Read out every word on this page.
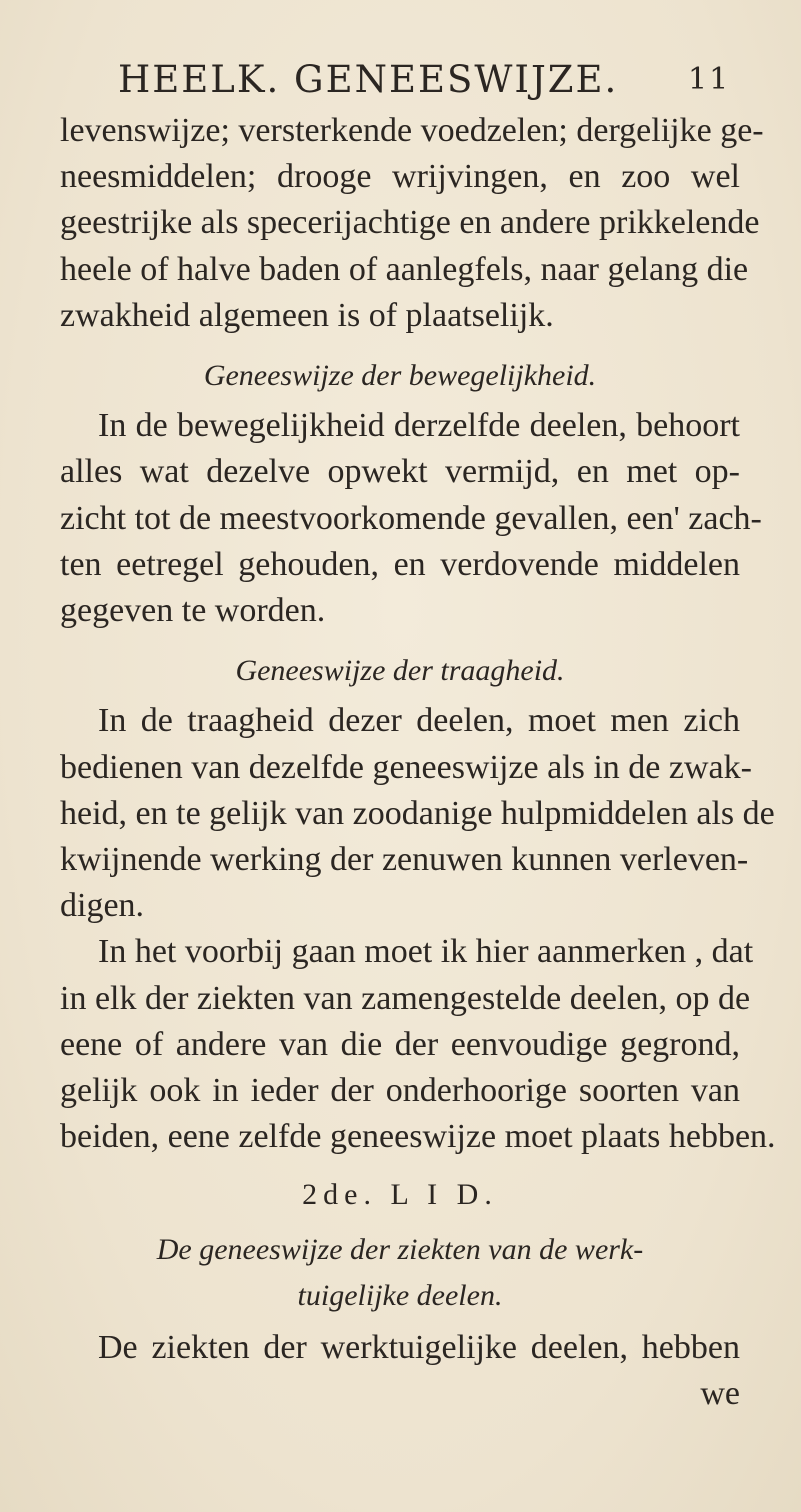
HEELK. GENEESWIJZE. 11
levenswijze; versterkende voedzelen; dergelijke ge-
neesmiddelen; drooge wrijvingen, en zoo wel
geestrijke als specerijachtige en andere prikkelende
heele of halve baden of aanlegfels, naar gelang die
zwakheid algemeen is of plaatselijk.
Geneeswijze der bewegelijkheid.
In de bewegelijkheid derzelfde deelen, behoort
alles wat dezelve opwekt vermijd, en met op-
zicht tot de meestvoorkomende gevallen, een' zach-
ten eetregel gehouden, en verdovende middelen
gegeven te worden.
Geneeswijze der traagheid.
In de traagheid dezer deelen, moet men zich
bedienen van dezelfde geneeswijze als in de zwak-
heid, en te gelijk van zoodanige hulpmiddelen als de
kwijnende werking der zenuwen kunnen verleven-
digen.
In het voorbij gaan moet ik hier aanmerken , dat
in elk der ziekten van zamengestelde deelen, op de
eene of andere van die der eenvoudige gegrond,
gelijk ook in ieder der onderhoorige soorten van
beiden, eene zelfde geneeswijze moet plaats hebben.
2de. L I D.
De geneeswijze der ziekten van de werk-
tuigelijke deelen.
De ziekten der werktuigelijke deelen, hebben
we
